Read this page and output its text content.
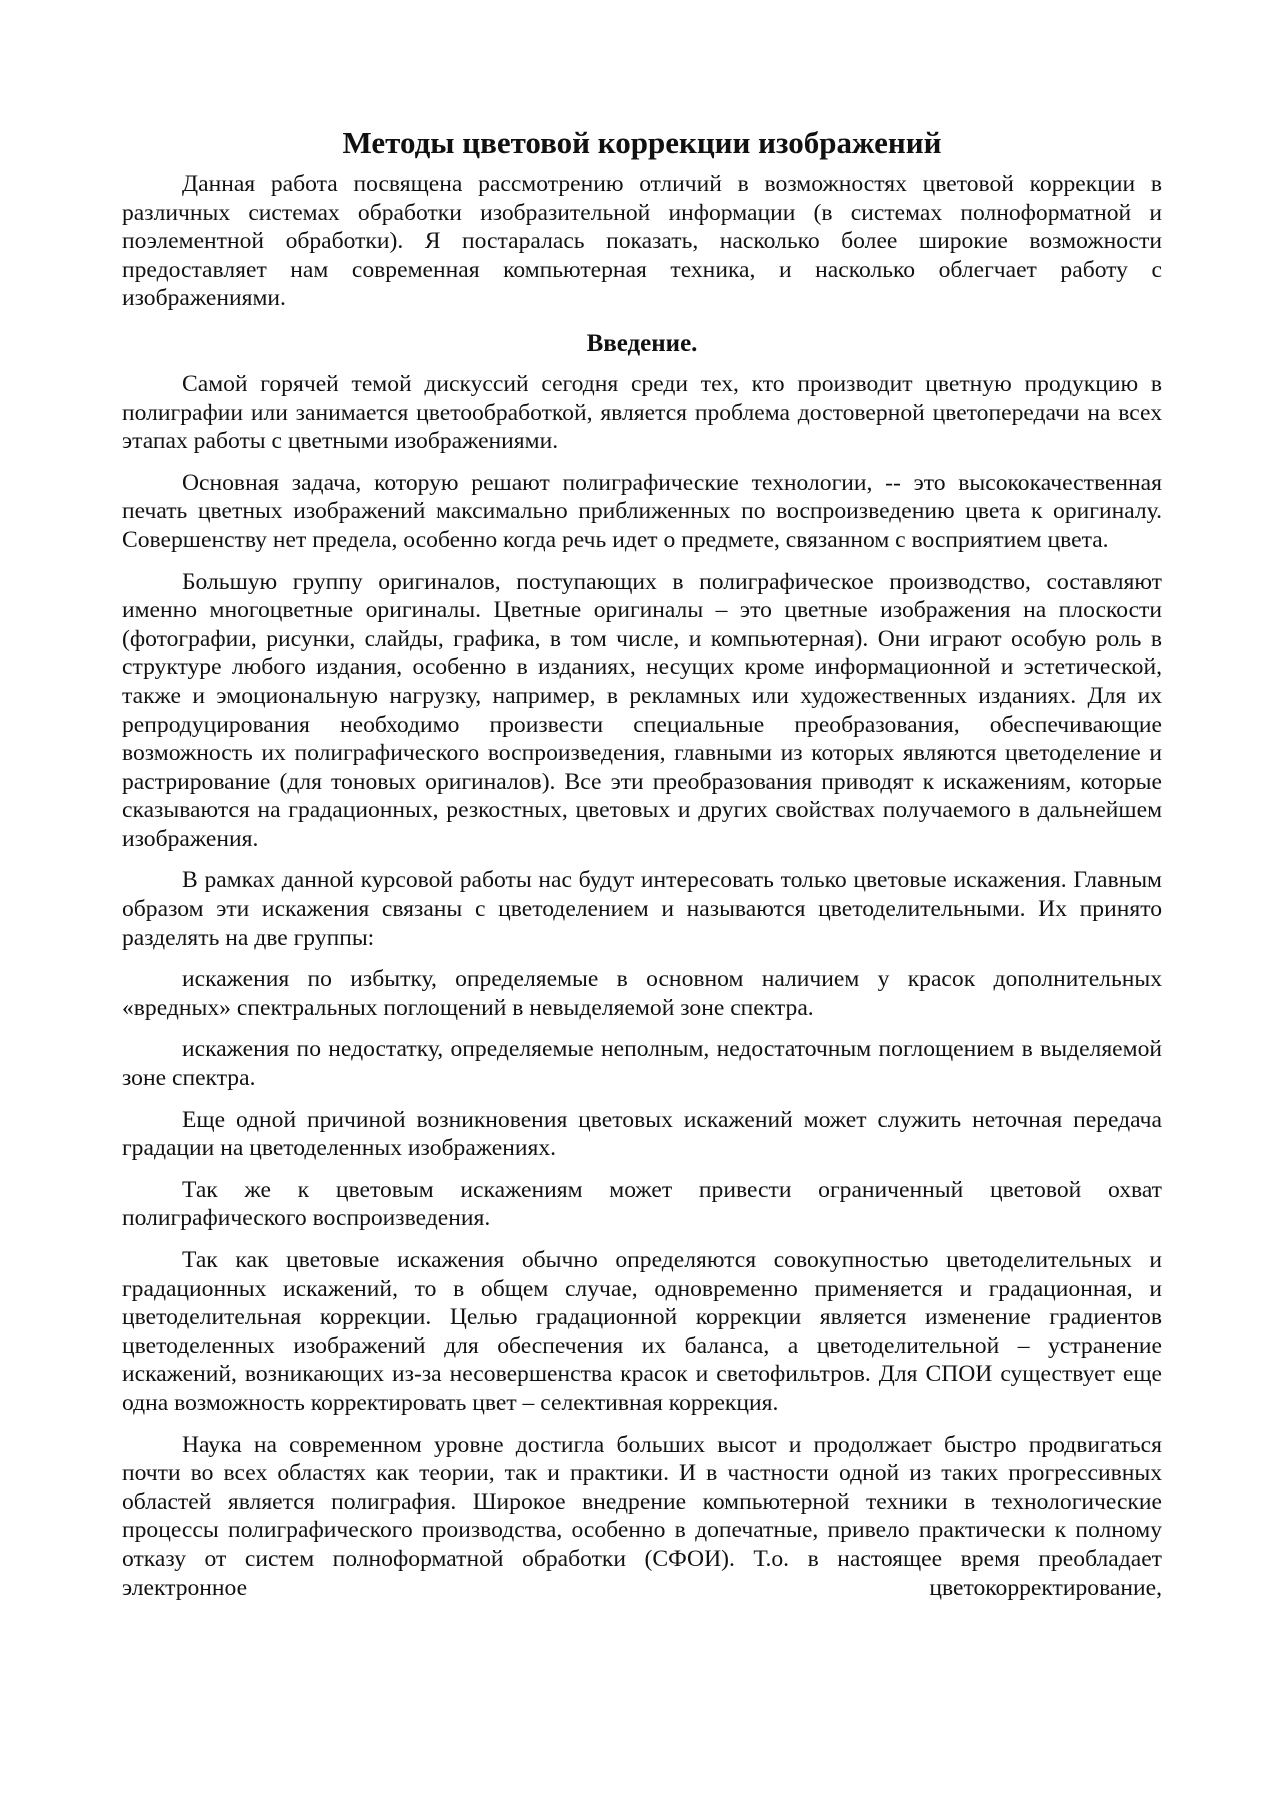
Методы цветовой коррекции изображений

Данная работа посвящена рассмотрению отличий в возможностях цветовой коррекции в различных системах обработки изобразительной информации (в системах полноформатной и поэлементной обработки). Я постаралась показать, насколько более широкие возможности предоставляет нам современная компьютерная техника, и насколько облегчает работу с изображениями.

Введение.

Самой горячей темой дискуссий сегодня среди тех, кто производит цветную продукцию в полиграфии или занимается цветообработкой, является проблема достоверной цветопередачи на всех этапах работы с цветными изображениями.

Основная задача, которую решают полиграфические технологии, -- это высококачественная печать цветных изображений максимально приближенных по воспроизведению цвета к оригиналу. Совершенству нет предела, особенно когда речь идет о предмете, связанном с восприятием цвета.

Большую группу оригиналов, поступающих в полиграфическое производство, составляют именно многоцветные оригиналы. Цветные оригиналы – это цветные изображения на плоскости (фотографии, рисунки, слайды, графика, в том числе, и компьютерная). Они играют особую роль в структуре любого издания, особенно в изданиях, несущих кроме информационной и эстетической, также и эмоциональную нагрузку, например, в рекламных или художественных изданиях. Для их репродуцирования необходимо произвести специальные преобразования, обеспечивающие возможность их полиграфического воспроизведения, главными из которых являются цветоделение и растрирование (для тоновых оригиналов). Все эти преобразования приводят к искажениям, которые сказываются на градационных, резкостных, цветовых и других свойствах получаемого в дальнейшем изображения.

В рамках данной курсовой работы нас будут интересовать только цветовые искажения. Главным образом эти искажения связаны с цветоделением и называются цветоделительными. Их принято разделять на две группы:

искажения по избытку, определяемые в основном наличием у красок дополнительных «вредных» спектральных поглощений в невыделяемой зоне спектра.

искажения по недостатку, определяемые неполным, недостаточным поглощением в выделяемой зоне спектра.

Еще одной причиной возникновения цветовых искажений может служить неточная передача градации на цветоделенных изображениях.

Так же к цветовым искажениям может привести ограниченный цветовой охват полиграфического воспроизведения.

Так как цветовые искажения обычно определяются совокупностью цветоделительных и градационных искажений, то в общем случае, одновременно применяется и градационная, и цветоделительная коррекции. Целью градационной коррекции является изменение градиентов цветоделенных изображений для обеспечения их баланса, а цветоделительной – устранение искажений, возникающих из-за несовершенства красок и светофильтров. Для СПОИ существует еще одна возможность корректировать цвет – селективная коррекция.

Наука на современном уровне достигла больших высот и продолжает быстро продвигаться почти во всех областях как теории, так и практики. И в частности одной из таких прогрессивных областей является полиграфия. Широкое внедрение компьютерной техники в технологические процессы полиграфического производства, особенно в допечатные, привело практически к полному отказу от систем полноформатной обработки (СФОИ). Т.о. в настоящее время преобладает электронное цветокорректирование,
